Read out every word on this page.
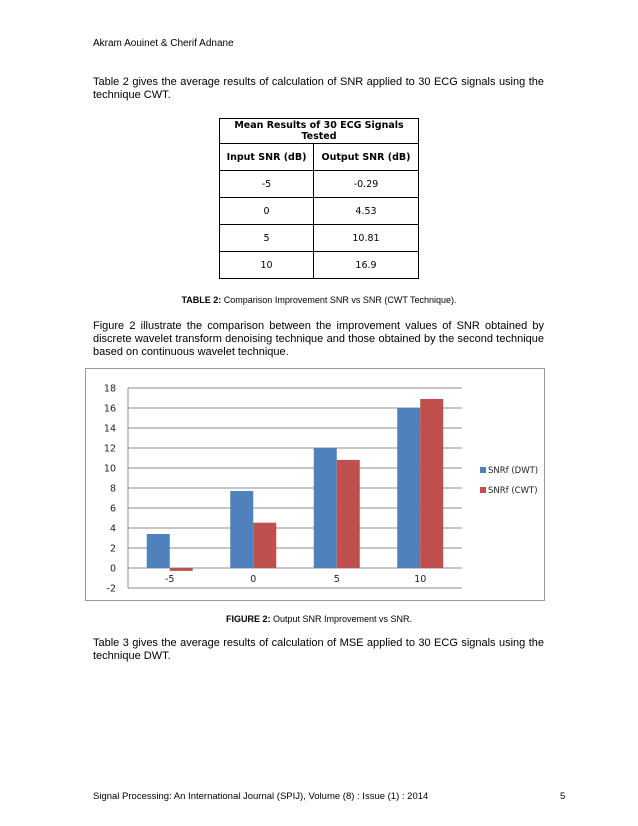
Akram Aouinet & Cherif Adnane
Table 2 gives the average results of calculation of SNR applied to 30 ECG signals using the technique CWT.
Mean Results of 30 ECG Signals Tested	
Input SNR (dB)	Output SNR (dB)
-5	-0.29
0	4.53
5	10.81
10	16.9
TABLE 2: Comparison Improvement SNR vs SNR (CWT Technique).
Figure 2 illustrate the comparison between the improvement values of SNR obtained by discrete wavelet transform denoising technique and those obtained by the second technique based on continuous wavelet technique.
18
16
14
12
10
8
6
4
2
0
-2
-5	0	5	10
SNRf (DWT)
SNRf (CWT)
FIGURE 2: Output SNR Improvement vs SNR.
Table 3 gives the average results of calculation of MSE applied to 30 ECG signals using the technique DWT.
Signal Processing: An International Journal (SPIJ), Volume (8) : Issue (1) : 2014	5
